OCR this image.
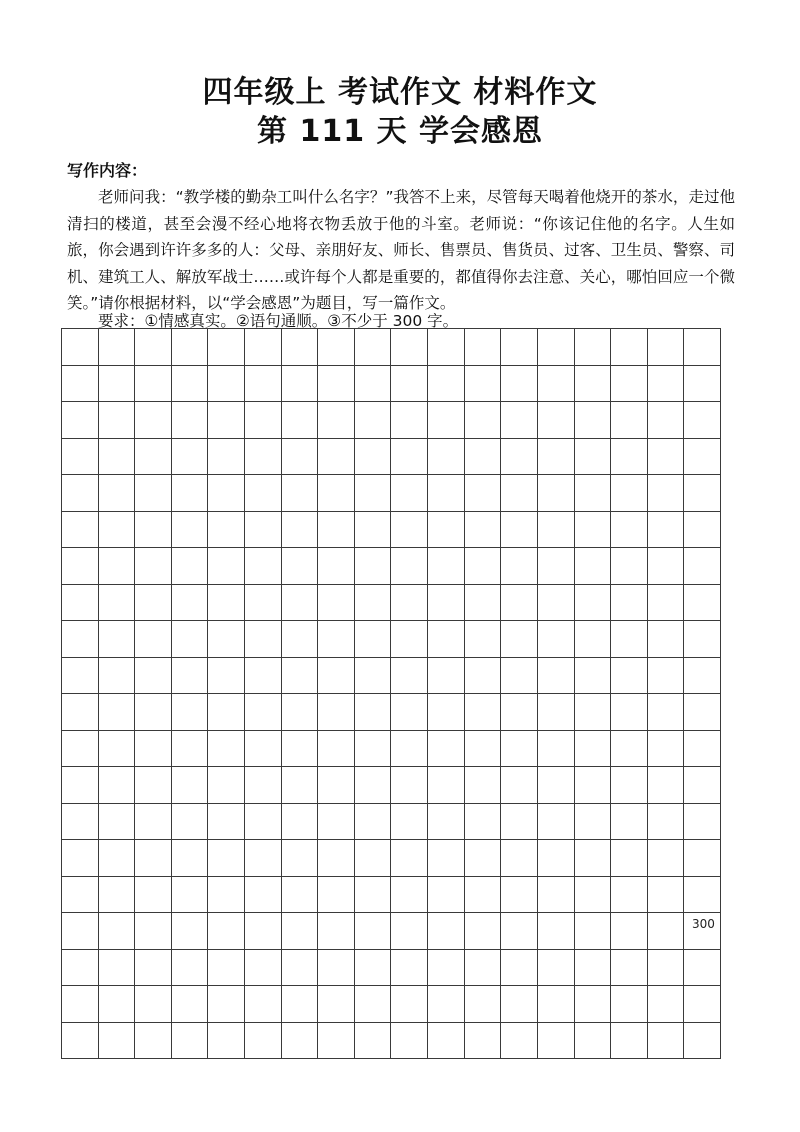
四年级上 考试作文 材料作文
第 111 天 学会感恩
写作内容：

老师问我：“教学楼的勤杂工叫什么名字？”我答不上来，尽管每天喝着他烧开的茶水，走过他清扫的楼道，甚至会漫不经心地将衣物丢放于他的斗室。老师说：“你该记住他的名字。人生如旅，你会遇到许许多多的人：父母、亲朋好友、师长、售票员、售货员、过客、卫生员、警察、司机、建筑工人、解放军战士……或许每个人都是重要的，都值得你去注意、关心，哪怕回应一个微笑。”请你根据材料，以“学会感恩”为题目，写一篇作文。

要求：①情感真实。②语句通顺。③不少于 300 字。

300
